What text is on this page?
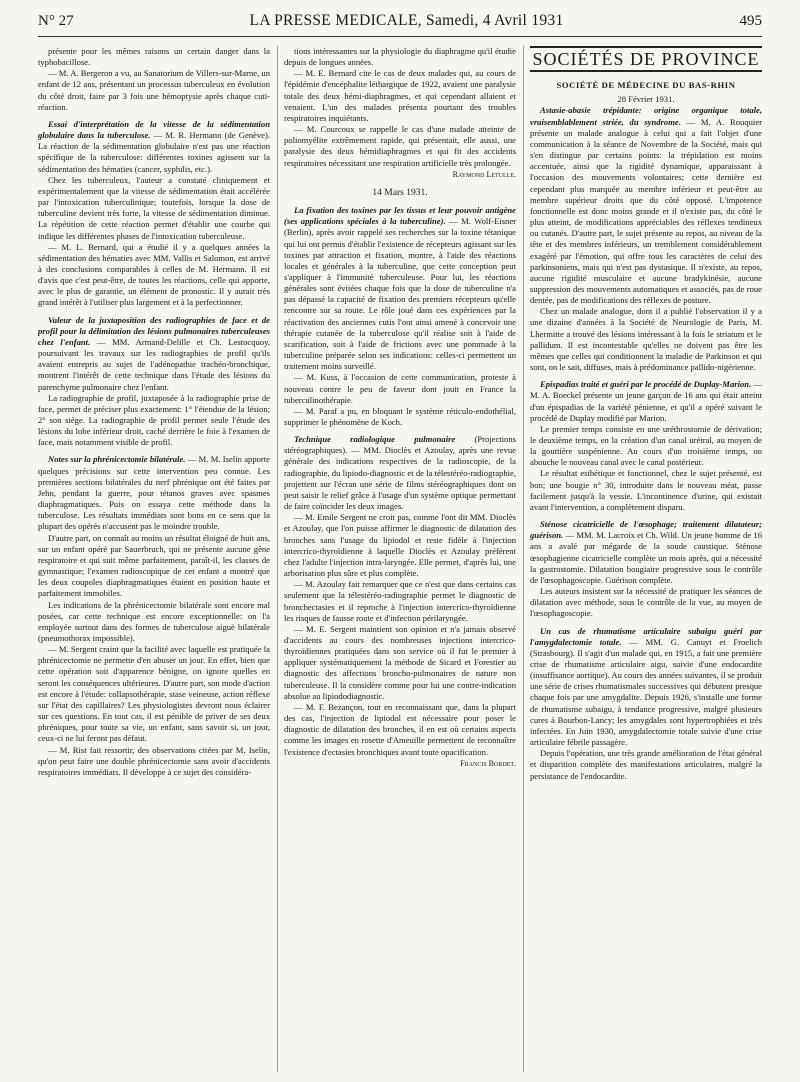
N° 27	LA PRESSE MEDICALE, Samedi, 4 Avril 1931	495

présente pour les mêmes raisons un certain danger dans la typhobacillose.

— M. A. Bergeron a vu, au Sanatorium de Villers-sur-Marne, un enfant de 12 ans, présentant un processus tuberculeux en évolution du côté droit, faire par 3 fois une hémoptysie après chaque cuti-réaction.

Essai d'interprétation de la vitesse de la sédimentation globulaire dans la tuberculose. — M. R. Hermann (de Genève). La réaction de la sédimentation globulaire n'est pas une réaction spécifique de la tuberculose: différentes toxines agissent sur la sédimentation des hématies (cancer, syphilis, etc.).

Chez les tuberculeux, l'auteur a constaté cliniquement et expérimentalement que la vitesse de sédimentation était accélérée par l'intoxication tuberculinique; toutefois, lorsque la dose de tuberculine devient très forte, la vitesse de sédimentation diminue. La répétition de cette réaction permet d'établir une courbe qui indique les différentes phases de l'intoxication tuberculeuse.

— M. L. Bernard, qui a étudié il y a quelques années la sédimentation des hématies avec MM. Vallis et Salomon, est arrivé à des conclusions comparables à celles de M. Hermann. Il est d'avis que c'est peut-être, de toutes les réactions, celle qui apporte, avec le plus de garantie, un élément de pronostic. Il y aurait très grand intérêt à l'utiliser plus largement et à la perfectionner.

Valeur de la juxtaposition des radiographies de face et de profil pour la délimitation des lésions pulmonaires tuberculeuses chez l'enfant. — MM. Armand-Delille et Ch. Lestocquoy, poursuivant les travaux sur les radiographies de profil qu'ils avaient entrepris au sujet de l'adénopathie trachéo-bronchique, montrent l'intérêt de cette technique dans l'étude des lésions du parenchyme pulmonaire chez l'enfant.

La radiographie de profil, juxtaposée à la radiographie prise de face, permet de préciser plus exactement: 1° l'étendue de la lésion; 2° son siège. La radiographie de profil permet seule l'étude des lésions du lobe inférieur droit, caché derrière le foie à l'examen de face, mais notamment visible de profil.

Notes sur la phrénicectomie bilatérale. — M. M. Iselin apporte quelques précisions sur cette intervention peu connue. Les premières sections bilatérales du nerf phrénique ont été faites par Jehn, pendant la guerre, pour tétanos graves avec spasmes diaphragmatiques. Puis on essaya cette méthode dans la tuberculose. Les résultats immédiats sont bons en ce sens que la plupart des opérés n'accusent pas le moindre trouble.

D'autre part, on connaît au moins un résultat éloigné de huit ans, sur un enfant opéré par Sauerbruch, qui ne présente aucune gêne respiratoire et qui suit même parfaitement, paraît-il, les classes de gymnastique; l'examen radioscopique de cet enfant a montré que les deux coupoles diaphragmatiques étaient en position haute et parfaitement immobiles.

Les indications de la phrénicectomie bilatérale sont encore mal posées, car cette technique est encore exceptionnelle: on l'a employée surtout dans des formes de tuberculose aiguë bilatérale (pneumothorax impossible).

— M. Sergent craint que la facilité avec laquelle est pratiquée la phrénicectomie ne permette d'en abuser un jour. En effet, bien que cette opération soit d'apparence bénigne, on ignore quelles en seront les conséquences ultérieures. D'autre part, son mode d'action est encore à l'étude: collapsothérapie, stase veineuse, action réflexe sur l'état des capillaires? Les physiologistes devront nous éclairer sur ces questions. En tout cas, il est pénible de priver de ses deux phréniques, pour toute sa vie, un enfant, sans savoir si, un jour, ceux-ci ne lui feront pas défaut.

— M. Rist fait ressortir, des observations citées par M. Iselin, qu'on peut faire une double phrénicectomie sans avoir d'accidents respiratoires immédiats. Il développe à ce sujet des considéra-

tions intéressantes sur la physiologie du diaphragme qu'il étudie depuis de longues années.

— M. E. Bernard cite le cas de deux malades qui, au cours de l'épidémie d'encéphalite léthargique de 1922, avaient une paralysie totale des deux hémi-diaphragmes, et qui cependant allaient et venaient. L'un des malades présenta pourtant des troubles respiratoires inquiétants.

— M. Courcoux se rappelle le cas d'une malade atteinte de poliomyélite extrêmement rapide, qui présentait, elle aussi, une paralysie des deux hémidiaphragmes et qui fit des accidents respiratoires nécessitant une respiration artificielle très prolongée.

Raymond Letulle.

14 Mars 1931.

La fixation des toxines par les tissus et leur pouvoir antigène (ses applications spéciales à la tuberculine). — M. Wolf-Eisner (Berlin), après avoir rappelé ses recherches sur la toxine tétanique qui lui ont permis d'établir l'existence de récepteurs agissant sur les toxines par attraction et fixation, montre, à l'aide des réactions locales et générales à la tuberculine, que cette conception peut s'appliquer à l'immunité tuberculeuse. Pour lui, les réactions générales sont évitées chaque fois que la dose de tuberculine n'a pas dépassé la capacité de fixation des premiers récepteurs qu'elle rencontre sur sa route. Le rôle joué dans ces expériences par la réactivation des anciennes cutis l'ont ainsi amené à concevoir une thérapie cutanée de la tuberculose qu'il réalise soit à l'aide de scarification, soit à l'aide de frictions avec une pommade à la tuberculine préparée selon ses indications: celles-ci permettent un traitement moins surveillé.

— M. Kuss, à l'occasion de cette communication, proteste à nouveau contre le peu de faveur dont jouit en France la tuberculinothérapie.

— M. Paraf a pu, en bloquant le système réticulo-endothélial, supprimer le phénomène de Koch.

Technique radiologique pulmonaire (Projections stéréographiques). — MM. Dioclès et Azoulay, après une revue générale des indications respectives de la radioscopie, de la radiographie, du lipiodo-diagnostic et de la télestéréo-radiographie, projettent sur l'écran une série de films stéréographiques dont on peut saisir le relief grâce à l'usage d'un système optique permettant de faire coïncider les deux images.

— M. Emile Sergent ne croit pas, comme l'ont dit MM. Dioclès et Azoulay, que l'on puisse affirmer le diagnostic de dilatation des bronches sans l'usage du lipiodol et reste fidèle à l'injection intercrico-thyroïdienne à laquelle Dioclès et Azoulay préfèrent chez l'adulte l'injection intra-laryngée. Elle permet, d'après lui, une arborisation plus sûre et plus complète.

— M. Azoulay fait remarquer que ce n'est que dans certains cas seulement que la télestéréo-radiographie permet le diagnostic de bronchectasies et il reproche à l'injection intercrico-thyroïdienne les risques de fausse route et d'infection périlaryngée.

— M. E. Sergent maintient son opinion et n'a jamais observé d'accidents au cours des nombreuses injections intercrico-thyroïdiennes pratiquées dans son service où il fut le premier à appliquer systématiquement la méthode de Sicard et Forestier au diagnostic des affections broncho-pulmonaires de nature non tuberculeuse. Il la considère comme pour lui une contre-indication absolue au lipiododiagnostic.

— M. F. Bezançon, tout en reconnaissant que, dans la plupart des cas, l'injection de lipiodol est nécessaire pour poser le diagnostic de dilatation des bronches, il en est où certains aspects comme les images en rosette d'Ameuille permettent de reconnaître l'existence d'ectasies bronchiques avant toute opacification.

Francis Bordet.

SOCIÉTÉS DE PROVINCE
SOCIÉTÉ DE MÉDECINE DU BAS-RHIN

28 Février 1931.

Astasie-abasie trépidante: origine organique totale, vraisemblablement striée, du syndrome. — M. A. Rouquier présente un malade analogue à celui qui a fait l'objet d'une communication à la séance de Novembre de la Société, mais qui s'en distingue par certains points: la trépidation est moins accentuée, ainsi que la rigidité dynamique, apparaissant à l'occasion des mouvements volontaires; cette dernière est cependant plus marquée au membre inférieur et peut-être au membre supérieur droits que du côté opposé. L'impotence fonctionnelle est donc moins grande et il n'existe pas, du côté le plus atteint, de modifications appréciables des réflexes tendineux ou cutanés. D'autre part, le sujet présente au repos, au niveau de la tête et des membres inférieurs, un tremblement considérablement exagéré par l'émotion, qui offre tous les caractères de celui des parkinsoniens, mais qui n'est pas dystasique. Il n'existe, au repos, aucune rigidité musculaire et aucune bradykinésie, aucune suppression des mouvements automatiques et associés, pas de roue dentée, pas de modifications des réflexes de posture.

Chez un malade analogue, dont il a publié l'observation il y a une dizaine d'années à la Société de Neurologie de Paris, M. Lhermitte a trouvé des lésions intéressant à la fois le striatum et le pallidum. Il est incontestable qu'elles ne doivent pas être les mêmes que celles qui conditionnent la maladie de Parkinson et qui sont, on le sait, diffuses, mais à prédominance pallido-nigérienne.

Epispadias traité et guéri par le procédé de Duplay-Marion. — M. A. Boeckel présente un jeune garçon de 16 ans qui était atteint d'un épispadias de la variété pénienne, et qu'il a opéré suivant le procédé de Duplay modifié par Marion.

Le premier temps consiste en une uréthrostomie de dérivation; le deuxième temps, en la création d'un canal urétral, au moyen de la gouttière suspénienne. Au cours d'un troisième temps, on abouche le nouveau canal avec le canal postérieur.

Le résultat esthétique et fonctionnel, chez le sujet présenté, est bon; une bougie n° 30, introduite dans le nouveau méat, passe facilement jusqu'à la vessie. L'incontinence d'urine, qui existait avant l'intervention, a complètement disparu.

Sténose cicatricielle de l'œsophage; traitement dilatateur; guérison. — MM. M. Lacroix et Ch. Wild. Un jeune homme de 16 ans a avalé par mégarde de la soude caustique. Sténose œsophagienne cicatricielle complète un mois après, qui a nécessité la gastrostomie. Dilatation bougiaire progressive sous le contrôle de l'œsophagoscopie. Guérison complète.

Les auteurs insistent sur la nécessité de pratiquer les séances de dilatation avec méthode, sous le contrôle de la vue, au moyen de l'œsophagoscopie.

Un cas de rhumatisme articulaire subaigu guéri par l'amygdalectomie totale. — MM. G. Canuyt et Froelich (Strasbourg). Il s'agit d'un malade qui, en 1915, a fait une première crise de rhumatisme articulaire aigu, suivie d'une endocardite (insuffisance aortique). Au cours des années suivantes, il se produit une série de crises rhumatismales successives qui débutent presque chaque fois par une amygdalite. Depuis 1926, s'installe une forme de rhumatisme subaigu, à tendance progressive, malgré plusieurs cures à Bourbon-Lancy; les amygdales sont hypertrophiées et très infectées. En Juin 1930, amygdalectomie totale suivie d'une crise articulaire fébrile passagère.

Depuis l'opération, une très grande amélioration de l'état général et disparition complète des manifestations articulaires, malgré la persistance de l'endocardite.
